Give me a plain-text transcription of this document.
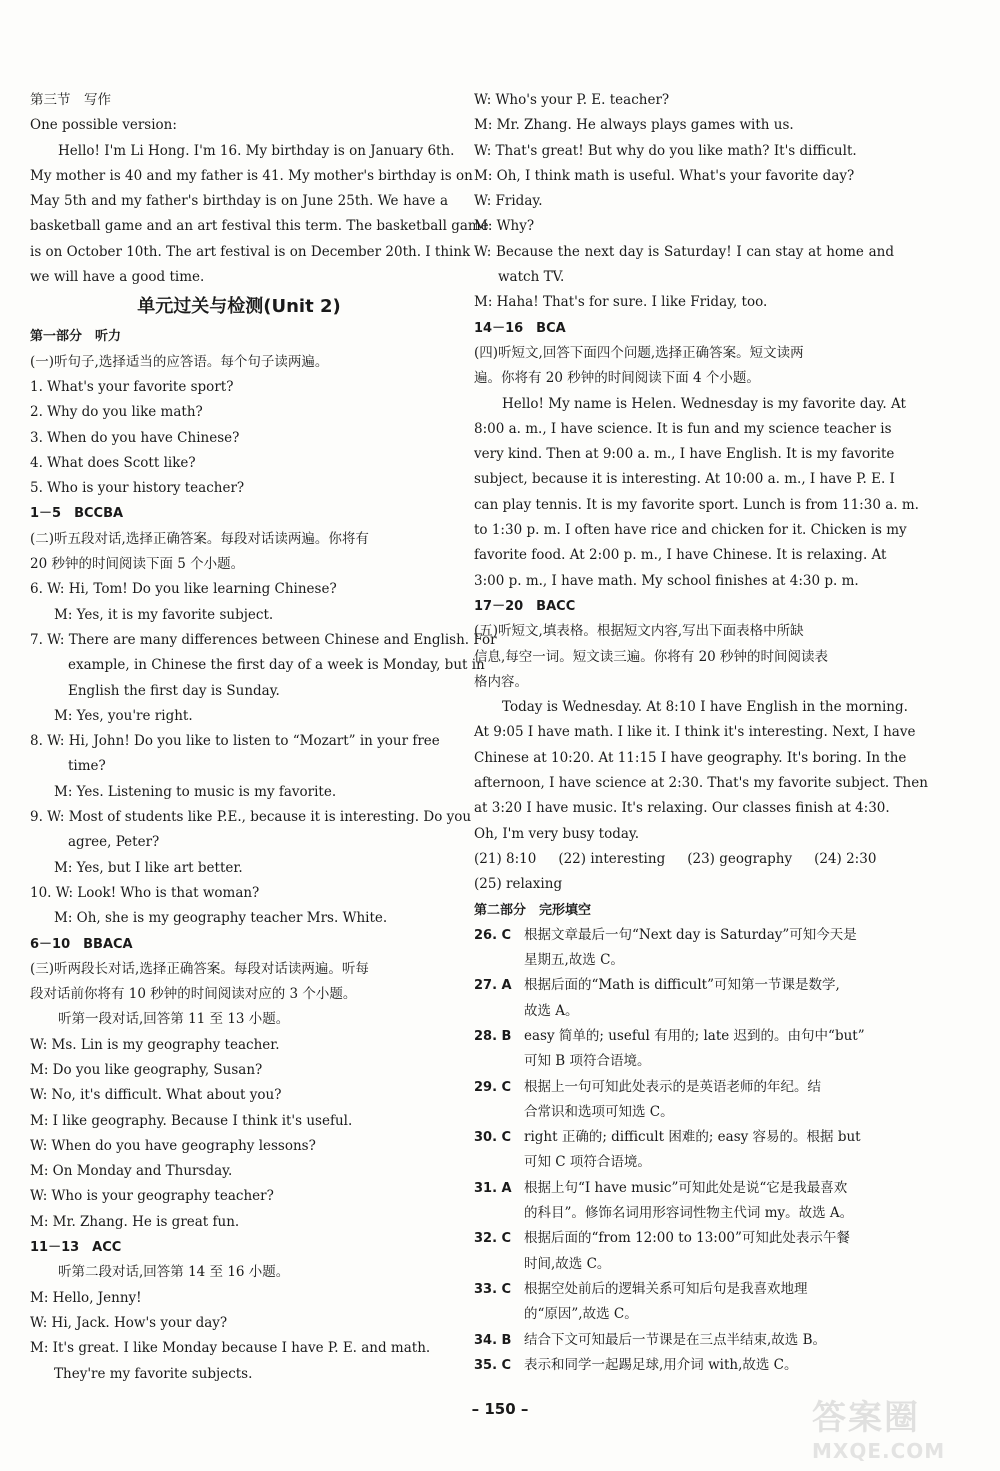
第三节　写作
One possible version:
Hello! I'm Li Hong. I'm 16. My birthday is on January 6th.
My mother is 40 and my father is 41. My mother's birthday is on
May 5th and my father's birthday is on June 25th. We have a
basketball game and an art festival this term. The basketball game
is on October 10th. The art festival is on December 20th. I think
we will have a good time.
单元过关与检测(Unit 2)
第一部分　听力
(一)听句子,选择适当的应答语。每个句子读两遍。
1. What's your favorite sport?
2. Why do you like math?
3. When do you have Chinese?
4. What does Scott like?
5. Who is your history teacher?
1－5　BCCBA
(二)听五段对话,选择正确答案。每段对话读两遍。你将有
20 秒钟的时间阅读下面 5 个小题。
6. W: Hi, Tom! Do you like learning Chinese?
M: Yes, it is my favorite subject.
7. W: There are many differences between Chinese and English. For
example, in Chinese the first day of a week is Monday, but in
English the first day is Sunday.
M: Yes, you're right.
8. W: Hi, John! Do you like to listen to “Mozart” in your free
time?
M: Yes. Listening to music is my favorite.
9. W: Most of students like P.E., because it is interesting. Do you
agree, Peter?
M: Yes, but I like art better.
10. W: Look! Who is that woman?
M: Oh, she is my geography teacher Mrs. White.
6－10　BBACA
(三)听两段长对话,选择正确答案。每段对话读两遍。听每
段对话前你将有 10 秒钟的时间阅读对应的 3 个小题。
听第一段对话,回答第 11 至 13 小题。
W: Ms. Lin is my geography teacher.
M: Do you like geography, Susan?
W: No, it's difficult. What about you?
M: I like geography. Because I think it's useful.
W: When do you have geography lessons?
M: On Monday and Thursday.
W: Who is your geography teacher?
M: Mr. Zhang. He is great fun.
11－13　ACC
听第二段对话,回答第 14 至 16 小题。
M: Hello, Jenny!
W: Hi, Jack. How's your day?
M: It's great. I like Monday because I have P. E. and math.
They're my favorite subjects.
W: Who's your P. E. teacher?
M: Mr. Zhang. He always plays games with us.
W: That's great! But why do you like math? It's difficult.
M: Oh, I think math is useful. What's your favorite day?
W: Friday.
M: Why?
W: Because the next day is Saturday! I can stay at home and
watch TV.
M: Haha! That's for sure. I like Friday, too.
14－16　BCA
(四)听短文,回答下面四个问题,选择正确答案。短文读两
遍。你将有 20 秒钟的时间阅读下面 4 个小题。
Hello! My name is Helen. Wednesday is my favorite day. At
8:00 a. m., I have science. It is fun and my science teacher is
very kind. Then at 9:00 a. m., I have English. It is my favorite
subject, because it is interesting. At 10:00 a. m., I have P. E. I
can play tennis. It is my favorite sport. Lunch is from 11:30 a. m.
to 1:30 p. m. I often have rice and chicken for it. Chicken is my
favorite food. At 2:00 p. m., I have Chinese. It is relaxing. At
3:00 p. m., I have math. My school finishes at 4:30 p. m.
17－20　BACC
(五)听短文,填表格。根据短文内容,写出下面表格中所缺
信息,每空一词。短文读三遍。你将有 20 秒钟的时间阅读表
格内容。
Today is Wednesday. At 8:10 I have English in the morning.
At 9:05 I have math. I like it. I think it's interesting. Next, I have
Chinese at 10:20. At 11:15 I have geography. It's boring. In the
afternoon, I have science at 2:30. That's my favorite subject. Then
at 3:20 I have music. It's relaxing. Our classes finish at 4:30.
Oh, I'm very busy today.
(21) 8:10 (22) interesting (23) geography (24) 2:30
(25) relaxing
第二部分　完形填空
26. C 根据文章最后一句“Next day is Saturday”可知今天是
星期五,故选 C。
27. A 根据后面的“Math is difficult”可知第一节课是数学,
故选 A。
28. B easy 简单的; useful 有用的; late 迟到的。由句中“but”
可知 B 项符合语境。
29. C 根据上一句可知此处表示的是英语老师的年纪。结
合常识和选项可知选 C。
30. C right 正确的; difficult 困难的; easy 容易的。根据 but
可知 C 项符合语境。
31. A 根据上句“I have music”可知此处是说“它是我最喜欢
的科目”。修饰名词用形容词性物主代词 my。故选 A。
32. C 根据后面的“from 12:00 to 13:00”可知此处表示午餐
时间,故选 C。
33. C 根据空处前后的逻辑关系可知后句是我喜欢地理
的“原因”,故选 C。
34. B 结合下文可知最后一节课是在三点半结束,故选 B。
35. C 表示和同学一起踢足球,用介词 with,故选 C。
– 150 –	答案圈
MXQE.COM
